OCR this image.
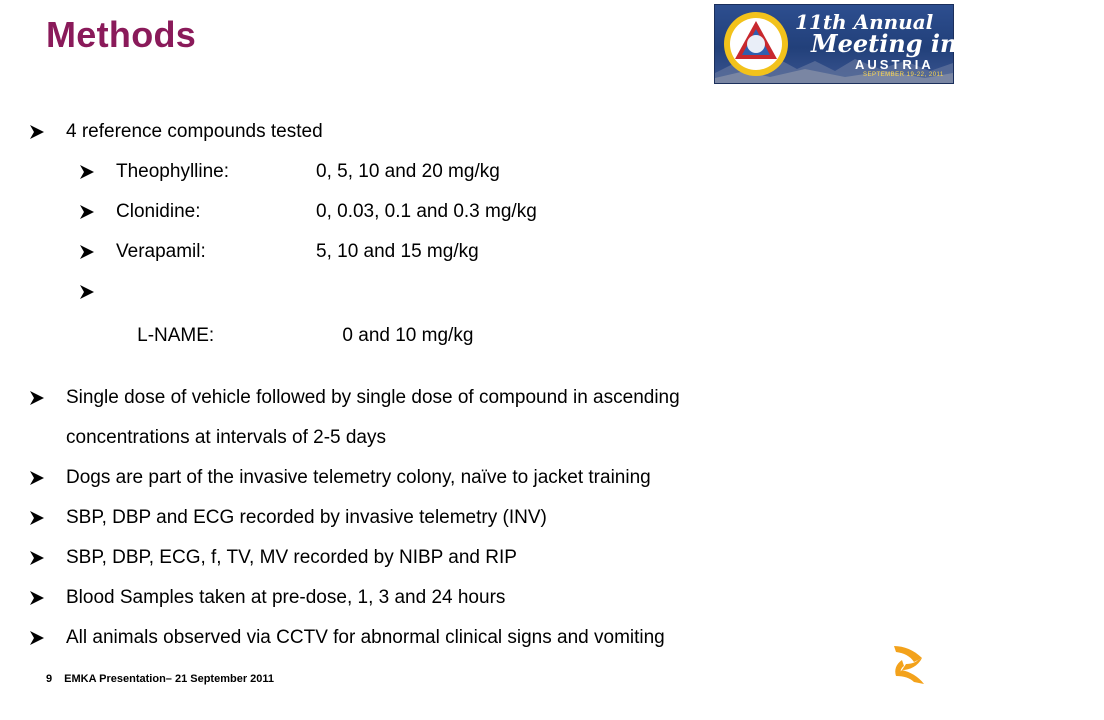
Methods	11th Annual
Meeting in Innsbruck
AUSTRIA
SEPTEMBER 19-22, 2011
4 reference compounds tested
Theophylline:	0, 5, 10 and 20 mg/kg
Clonidine:	0, 0.03, 0.1 and 0.3 mg/kg
Verapamil:	5, 10 and 15 mg/kg

L-NAME:	0 and 10 mg/kg

Single dose of vehicle followed by single dose of compound in ascending
concentrations at intervals of 2-5 days
Dogs are part of the invasive telemetry colony, naïve to jacket training
SBP, DBP and ECG recorded by invasive telemetry (INV)
SBP, DBP, ECG, f, TV, MV recorded by NIBP and RIP
Blood Samples taken at pre-dose, 1, 3 and 24 hours
All animals observed via CCTV for abnormal clinical signs and vomiting
9 EMKA Presentation– 21 September 2011
